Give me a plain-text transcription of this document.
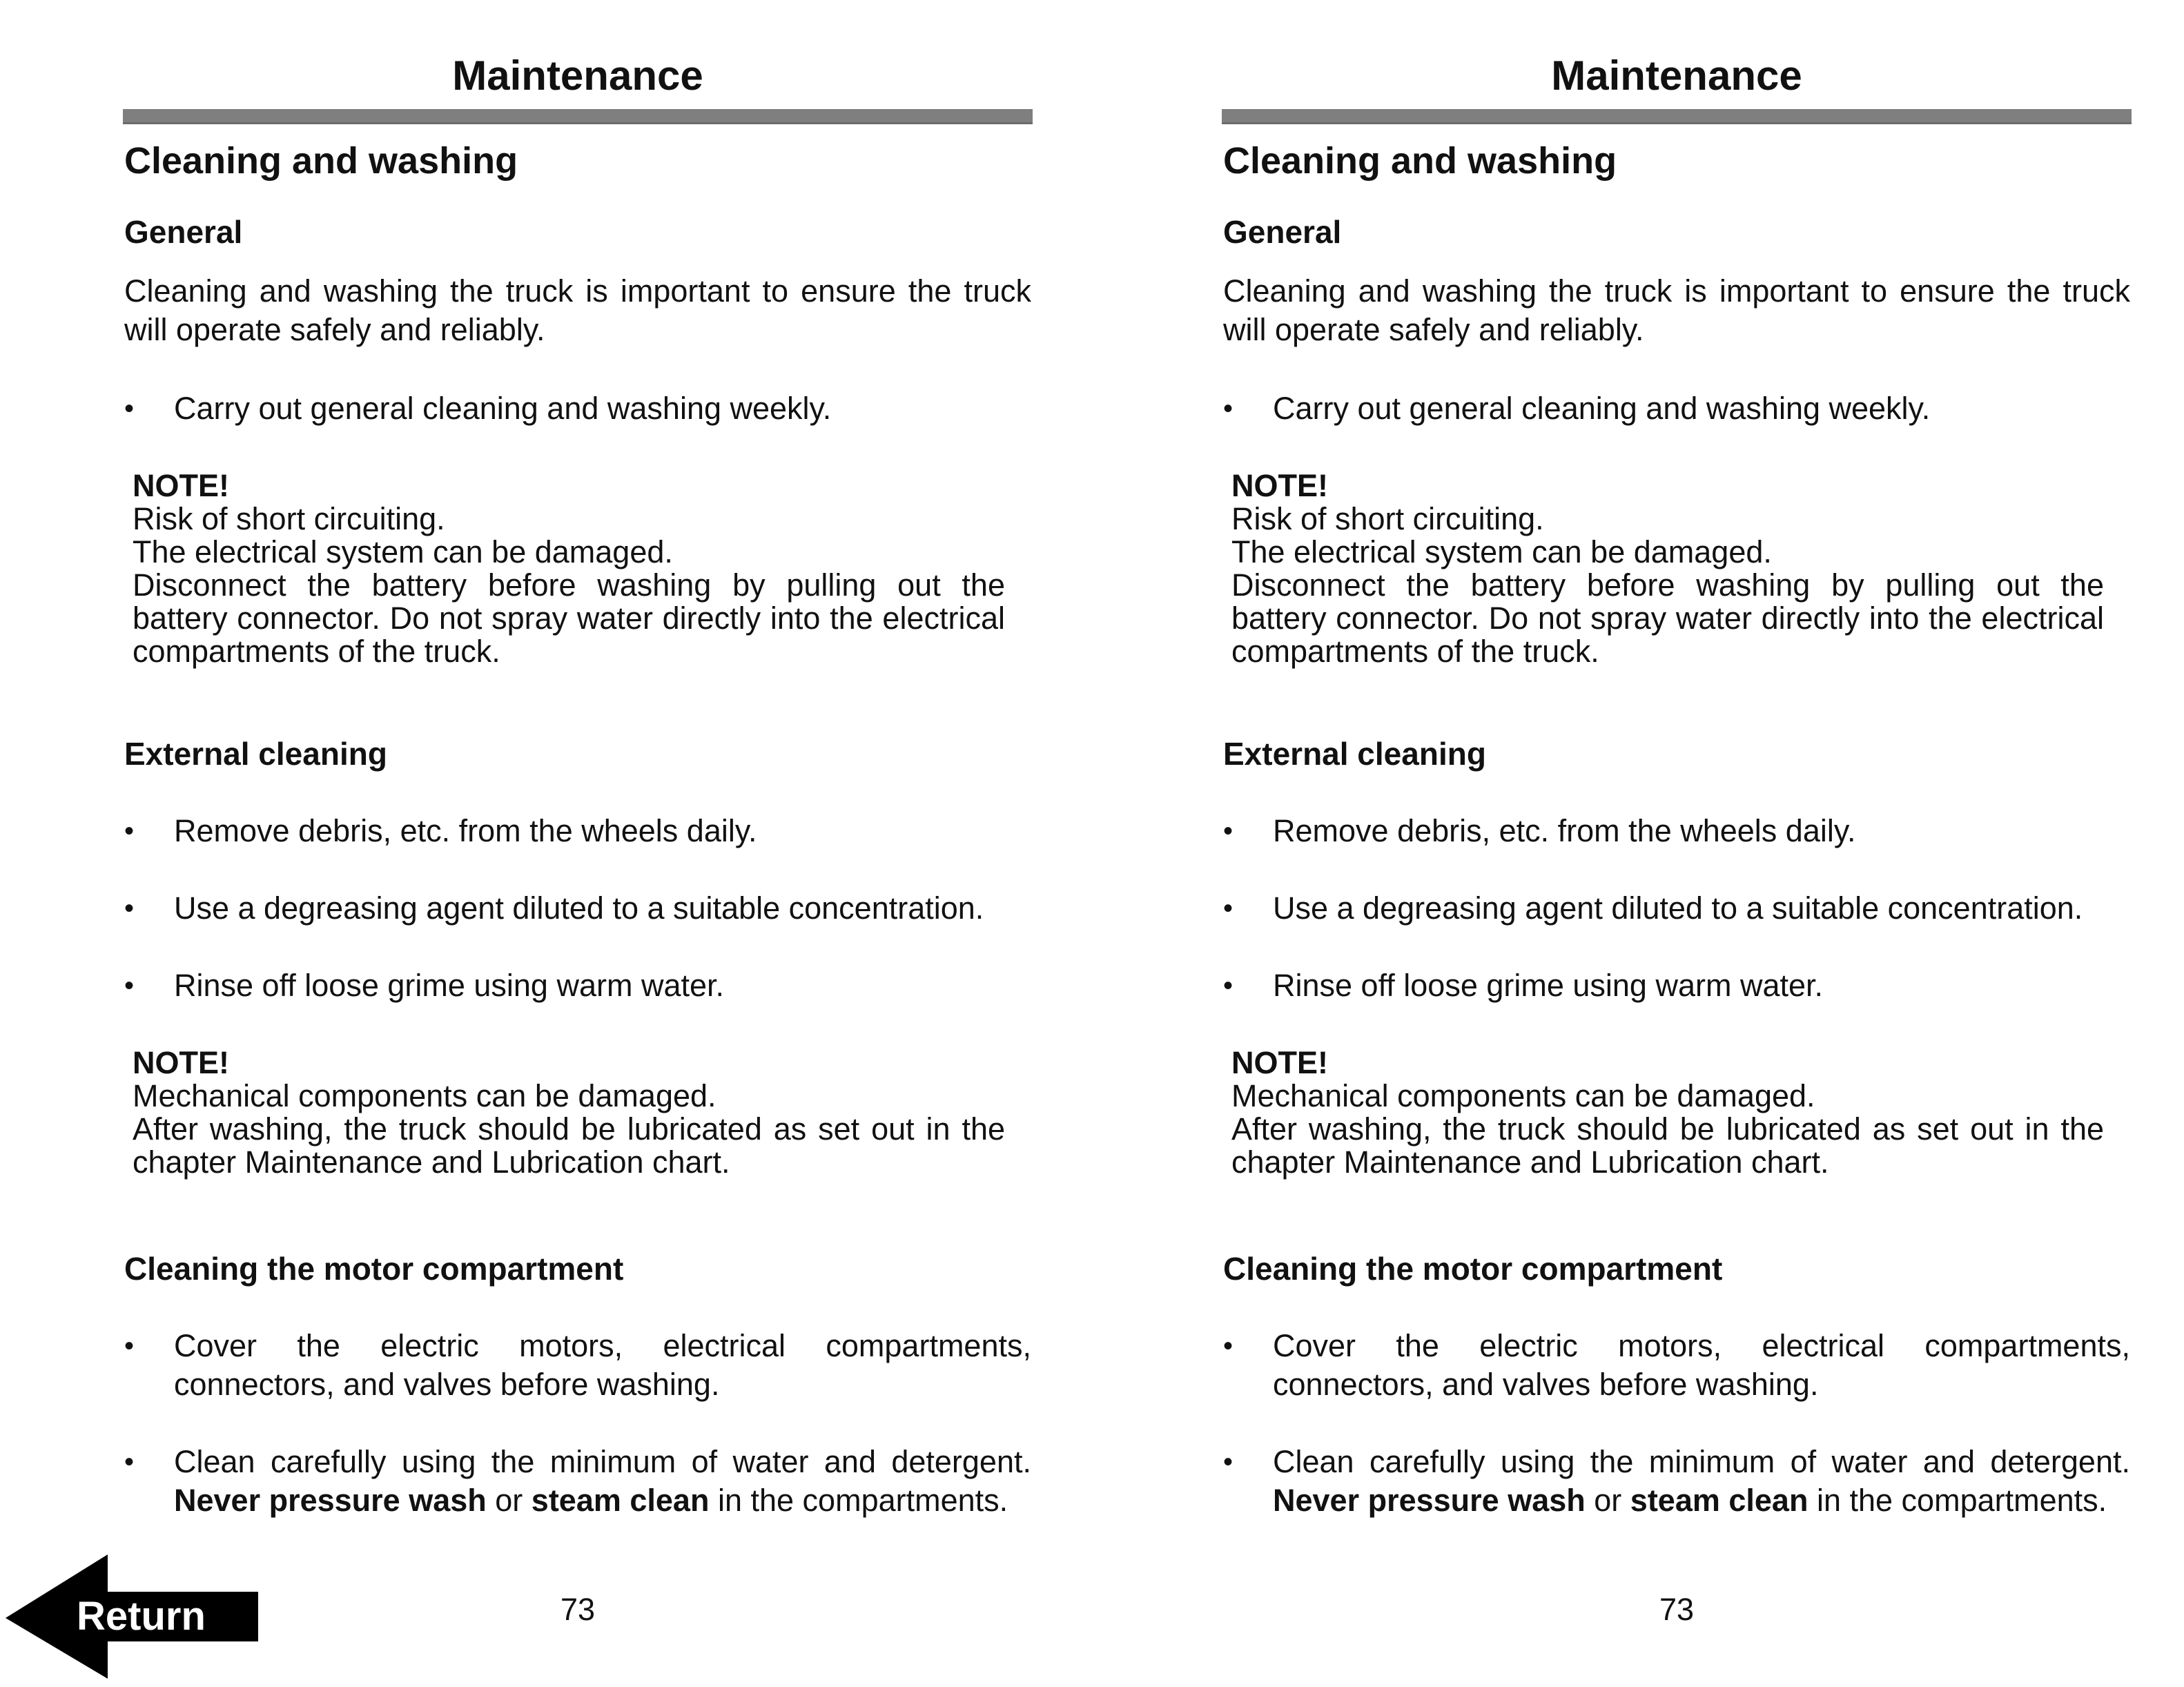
Maintenance
Cleaning and washing
General
Cleaning and washing the truck is important to ensure the truck will operate safely and reliably.
•	Carry out general cleaning and washing weekly.
NOTE!
Risk of short circuiting.
The electrical system can be damaged.
Disconnect the battery before washing by pulling out the battery connector. Do not spray water directly into the electrical compartments of the truck.
External cleaning
•	Remove debris, etc. from the wheels daily.
•	Use a degreasing agent diluted to a suitable concentration.
•	Rinse off loose grime using warm water.
NOTE!
Mechanical components can be damaged.
After washing, the truck should be lubricated as set out in the chapter Maintenance and Lubrication chart.
Cleaning the motor compartment
•	Cover the electric motors, electrical compartments, connectors, and valves before washing.
•	Clean carefully using the minimum of water and detergent. Never pressure wash or steam clean in the compartments.
73
Maintenance
Cleaning and washing
General
Cleaning and washing the truck is important to ensure the truck will operate safely and reliably.
•	Carry out general cleaning and washing weekly.
NOTE!
Risk of short circuiting.
The electrical system can be damaged.
Disconnect the battery before washing by pulling out the battery connector. Do not spray water directly into the electrical compartments of the truck.
External cleaning
•	Remove debris, etc. from the wheels daily.
•	Use a degreasing agent diluted to a suitable concentration.
•	Rinse off loose grime using warm water.
NOTE!
Mechanical components can be damaged.
After washing, the truck should be lubricated as set out in the chapter Maintenance and Lubrication chart.
Cleaning the motor compartment
•	Cover the electric motors, electrical compartments, connectors, and valves before washing.
•	Clean carefully using the minimum of water and detergent. Never pressure wash or steam clean in the compartments.
73
Return
